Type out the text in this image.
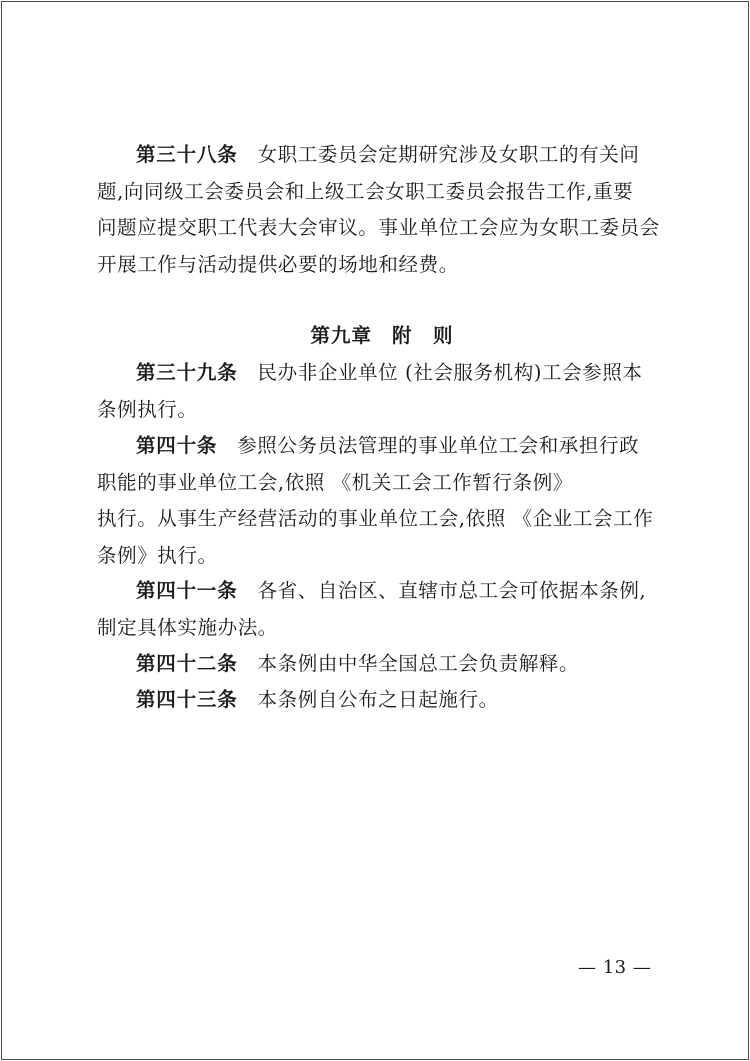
第三十八条 女职工委员会定期研究涉及女职工的有关问
题,向同级工会委员会和上级工会女职工委员会报告工作,重要
问题应提交职工代表大会审议。事业单位工会应为女职工委员会
开展工作与活动提供必要的场地和经费。

第九章 附　则

第三十九条 民办非企业单位 (社会服务机构)工会参照本
条例执行。
第四十条 参照公务员法管理的事业单位工会和承担行政
职能的事业单位工会,依照 《机关工会工作暂行条例》
执行。从事生产经营活动的事业单位工会,依照 《企业工会工作
条例》执行。
第四十一条 各省、自治区、直辖市总工会可依据本条例,
制定具体实施办法。
第四十二条 本条例由中华全国总工会负责解释。
第四十三条 本条例自公布之日起施行。
— 13 —
